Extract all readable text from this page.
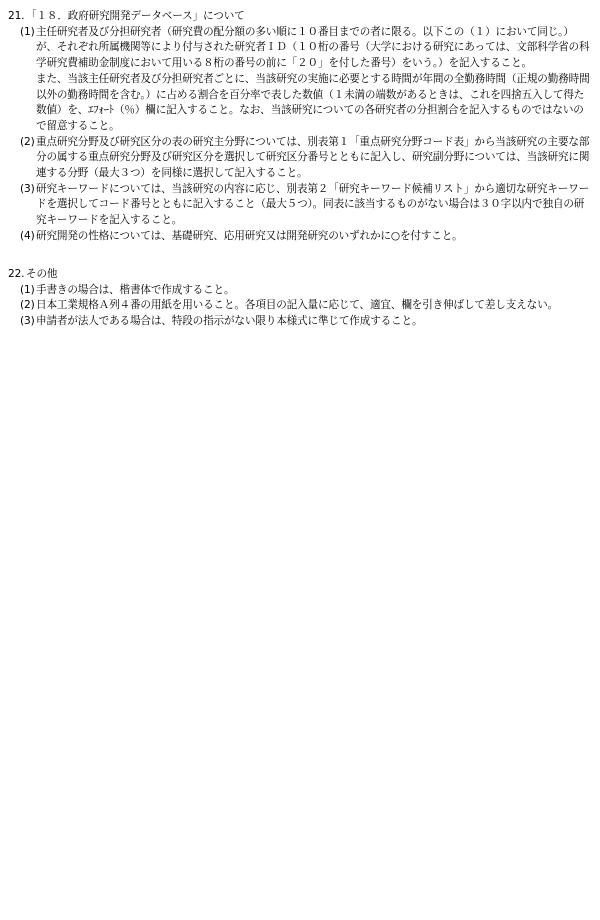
21. 「１８．政府研究開発データベース」について
(1) 主任研究者及び分担研究者（研究費の配分額の多い順に１０番目までの者に限る。以下この（１）において同じ。）が、それぞれ所属機関等により付与された研究者ＩＤ（１０桁の番号（大学における研究にあっては、文部科学省の科学研究費補助金制度において用いる８桁の番号の前に「２０」を付した番号）をいう。）を記入すること。

また、当該主任研究者及び分担研究者ごとに、当該研究の実施に必要とする時間が年間の全勤務時間（正規の勤務時間以外の勤務時間を含む。）に占める割合を百分率で表した数値（１未満の端数があるときは、これを四捨五入して得た数値）を、ｴﾌｫｰﾄ（％）欄に記入すること。なお、当該研究についての各研究者の分担割合を記入するものではないので留意すること。

(2) 重点研究分野及び研究区分の表の研究主分野については、別表第１「重点研究分野コード表」から当該研究の主要な部分の属する重点研究分野及び研究区分を選択して研究区分番号とともに記入し、研究副分野については、当該研究に関連する分野（最大３つ）を同様に選択して記入すること。

(3) 研究キーワードについては、当該研究の内容に応じ、別表第２「研究キーワード候補リスト」から適切な研究キーワードを選択してコード番号とともに記入すること（最大５つ）。同表に該当するものがない場合は３０字以内で独自の研究キーワードを記入すること。

(4) 研究開発の性格については、基礎研究、応用研究又は開発研究のいずれかに○を付すこと。

22. その他
(1) 手書きの場合は、楷書体で作成すること。

(2) 日本工業規格Ａ列４番の用紙を用いること。各項目の記入量に応じて、適宜、欄を引き伸ばして差し支えない。

(3) 申請者が法人である場合は、特段の指示がない限り本様式に準じて作成すること。
